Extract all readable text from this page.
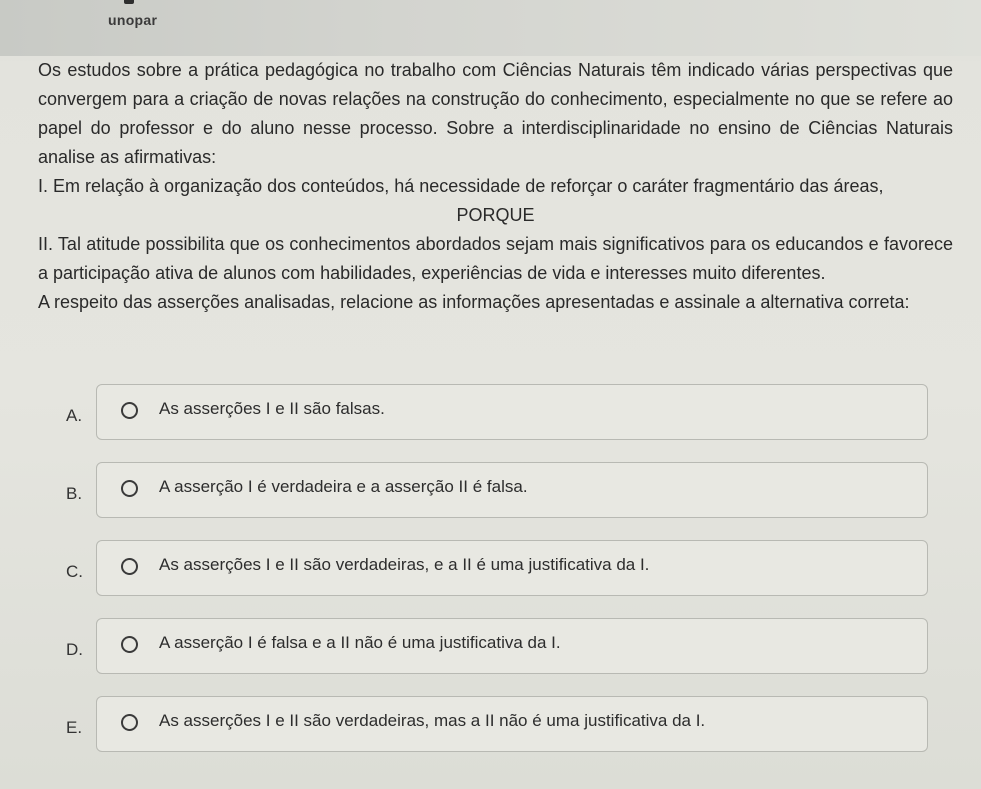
unopar

Os estudos sobre a prática pedagógica no trabalho com Ciências Naturais têm indicado várias perspectivas que convergem para a criação de novas relações na construção do conhecimento, especialmente no que se refere ao papel do professor e do aluno nesse processo. Sobre a interdisciplinaridade no ensino de Ciências Naturais analise as afirmativas:

I. Em relação à organização dos conteúdos, há necessidade de reforçar o caráter fragmentário das áreas,

PORQUE

II. Tal atitude possibilita que os conhecimentos abordados sejam mais significativos para os educandos e favorece a participação ativa de alunos com habilidades, experiências de vida e interesses muito diferentes.

A respeito das asserções analisadas, relacione as informações apresentadas e assinale a alternativa correta:

A.	As asserções I e II são falsas.
B.	A asserção I é verdadeira e a asserção II é falsa.
C.	As asserções I e II são verdadeiras, e a II é uma justificativa da I.
D.	A asserção I é falsa e a II não é uma justificativa da I.
E.	As asserções I e II são verdadeiras, mas a II não é uma justificativa da I.
